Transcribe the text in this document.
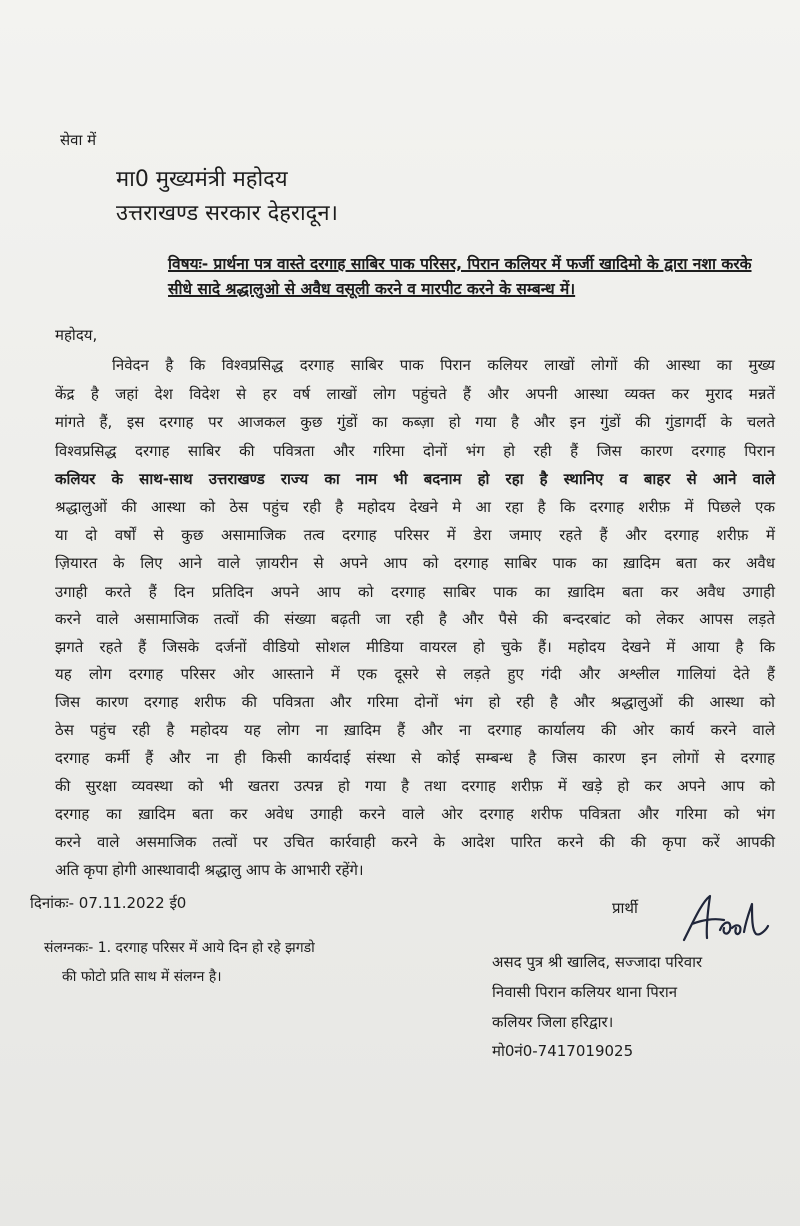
सेवा में
मा0 मुख्यमंत्री महोदय
उत्तराखण्ड सरकार देहरादून।
विषयः- प्रार्थना पत्र वास्ते दरगाह साबिर पाक परिसर, पिरान कलियर में फर्जी खादिमो के द्वारा नशा करके सीधे सादे श्रद्धालुओ से अवैध वसूली करने व मारपीट करने के सम्बन्ध में।
महोदय,
निवेदन है कि विश्वप्रसिद्ध दरगाह साबिर पाक पिरान कलियर लाखों लोगों की आस्था का मुख्य
केंद्र है जहां देश विदेश से हर वर्ष लाखों लोग पहुंचते हैं और अपनी आस्था व्यक्त कर मुराद मन्नतें
मांगते हैं, इस दरगाह पर आजकल कुछ गुंडों का कब्ज़ा हो गया है और इन गुंडों की गुंडागर्दी के चलते
विश्वप्रसिद्ध दरगाह साबिर की पवित्रता और गरिमा दोनों भंग हो रही हैं जिस कारण दरगाह पिरान
कलियर के साथ-साथ उत्तराखण्ड राज्य का नाम भी बदनाम हो रहा है स्थानिए व बाहर से आने वाले
श्रद्धालुओं की आस्था को ठेस पहुंच रही है महोदय देखने मे आ रहा है कि दरगाह शरीफ़ में पिछले एक
या दो वर्षों से कुछ असामाजिक तत्व दरगाह परिसर में डेरा जमाए रहते हैं और दरगाह शरीफ़ में
ज़ियारत के लिए आने वाले ज़ायरीन से अपने आप को दरगाह साबिर पाक का ख़ादिम बता कर अवैध
उगाही करते हैं दिन प्रतिदिन अपने आप को दरगाह साबिर पाक का ख़ादिम बता कर अवैध उगाही
करने वाले असामाजिक तत्वों की संख्या बढ़ती जा रही है और पैसे की बन्दरबांट को लेकर आपस लड़ते
झगते रहते हैं जिसके दर्जनों वीडियो सोशल मीडिया वायरल हो चुके हैं। महोदय देखने में आया है कि
यह लोग दरगाह परिसर ओर आस्ताने में एक दूसरे से लड़ते हुए गंदी और अश्लील गालियां देते हैं
जिस कारण दरगाह शरीफ की पवित्रता और गरिमा दोनों भंग हो रही है और श्रद्धालुओं की आस्था को
ठेस पहुंच रही है महोदय यह लोग ना ख़ादिम हैं और ना दरगाह कार्यालय की ओर कार्य करने वाले
दरगाह कर्मी हैं और ना ही किसी कार्यदाई संस्था से कोई सम्बन्ध है जिस कारण इन लोगों से दरगाह
की सुरक्षा व्यवस्था को भी खतरा उत्पन्न हो गया है तथा दरगाह शरीफ़ में खड़े हो कर अपने आप को
दरगाह का ख़ादिम बता कर अवेध उगाही करने वाले ओर दरगाह शरीफ पवित्रता और गरिमा को भंग
करने वाले असमाजिक तत्वों पर उचित कार्रवाही करने के आदेश पारित करने की की कृपा करें आपकी
अति कृपा होगी आस्थावादी श्रद्धालु आप के आभारी रहेंगे।
दिनांकः- 07.11.2022 ई0	प्रार्थी
संलग्नकः- 1. दरगाह परिसर में आये दिन हो रहे झगडो
की फोटो प्रति साथ में संलग्न है।
असद पुत्र श्री खालिद, सज्जादा परिवार
निवासी पिरान कलियर थाना पिरान
कलियर जिला हरिद्वार।
मो0नं0-7417019025
